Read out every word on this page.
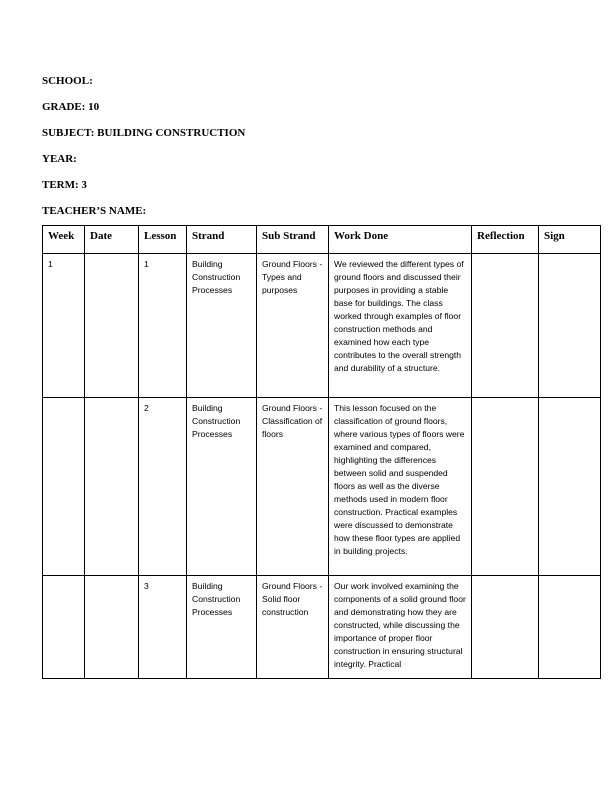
SCHOOL:
GRADE: 10
SUBJECT: BUILDING CONSTRUCTION
YEAR:
TERM: 3
TEACHER’S NAME:
Week	Date	Lesson	Strand	Sub Strand	Work Done	Reflection	Sign
1		1	Building Construction Processes	Ground Floors - Types and purposes	We reviewed the different types of ground floors and discussed their purposes in providing a stable base for buildings. The class worked through examples of floor construction methods and examined how each type contributes to the overall strength and durability of a structure.		
		2	Building Construction Processes	Ground Floors - Classification of floors	This lesson focused on the classification of ground floors, where various types of floors were examined and compared, highlighting the differences between solid and suspended floors as well as the diverse methods used in modern floor construction. Practical examples were discussed to demonstrate how these floor types are applied in building projects.		
		3	Building Construction Processes	Ground Floors - Solid floor construction	Our work involved examining the components of a solid ground floor and demonstrating how they are constructed, while discussing the importance of proper floor construction in ensuring structural integrity. Practical		
